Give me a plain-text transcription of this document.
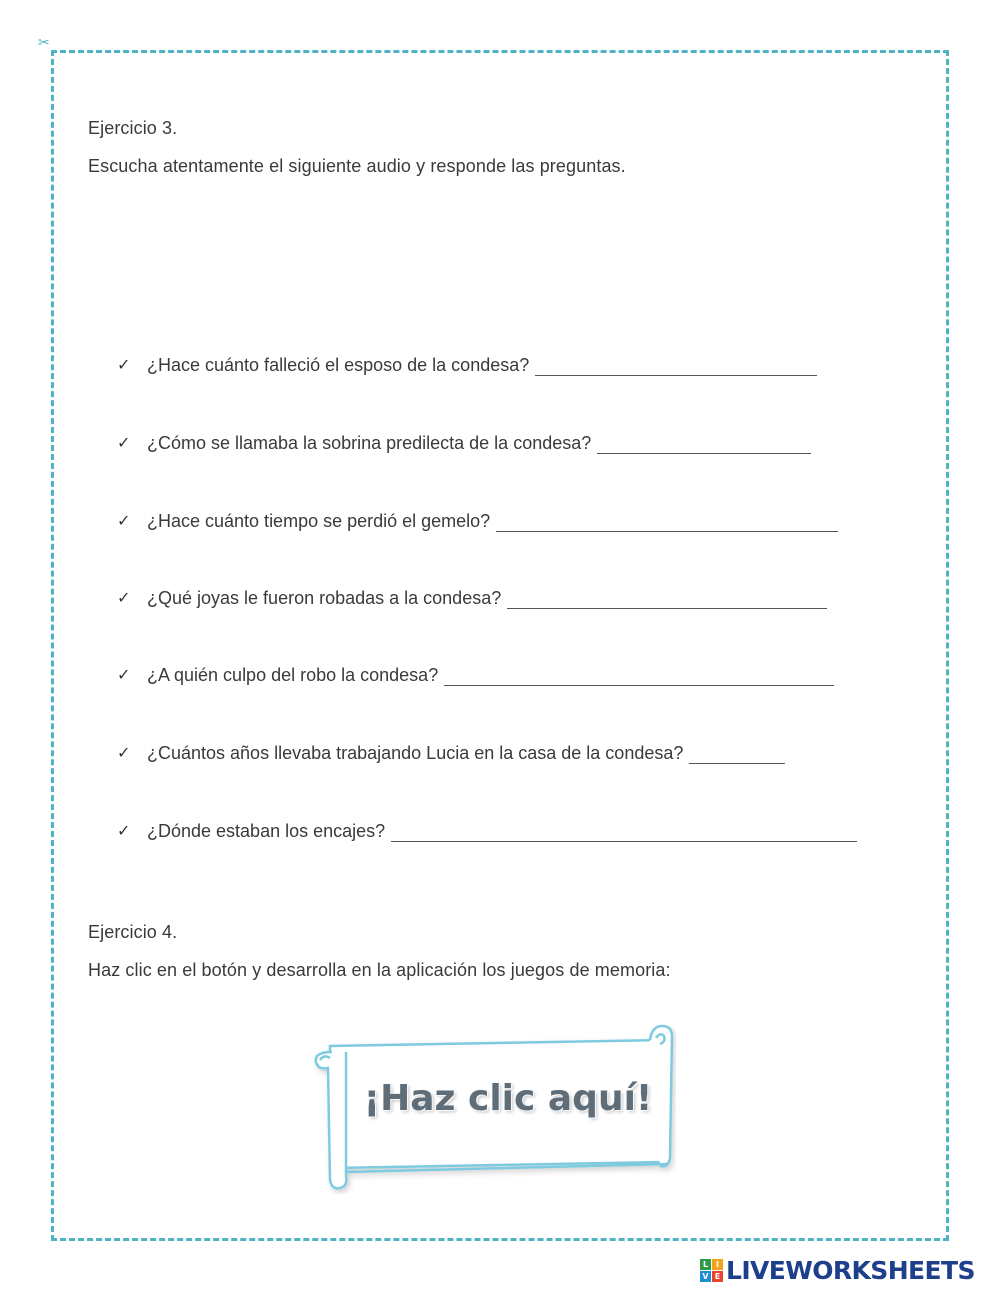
✂
Ejercicio 3.
Escucha atentamente el siguiente audio y responde las preguntas.
✓ ¿Hace cuánto falleció el esposo de la condesa?
✓ ¿Cómo se llamaba la sobrina predilecta de la condesa?
✓ ¿Hace cuánto tiempo se perdió el gemelo?
✓ ¿Qué joyas le fueron robadas a la condesa?
✓ ¿A quién culpo del robo la condesa?
✓ ¿Cuántos años llevaba trabajando Lucia en la casa de la condesa?
✓ ¿Dónde estaban los encajes?
Ejercicio 4.
Haz clic en el botón y desarrolla en la aplicación los juegos de memoria:
¡Haz clic aquí!
L I
V E LIVEWORKSHEETS
